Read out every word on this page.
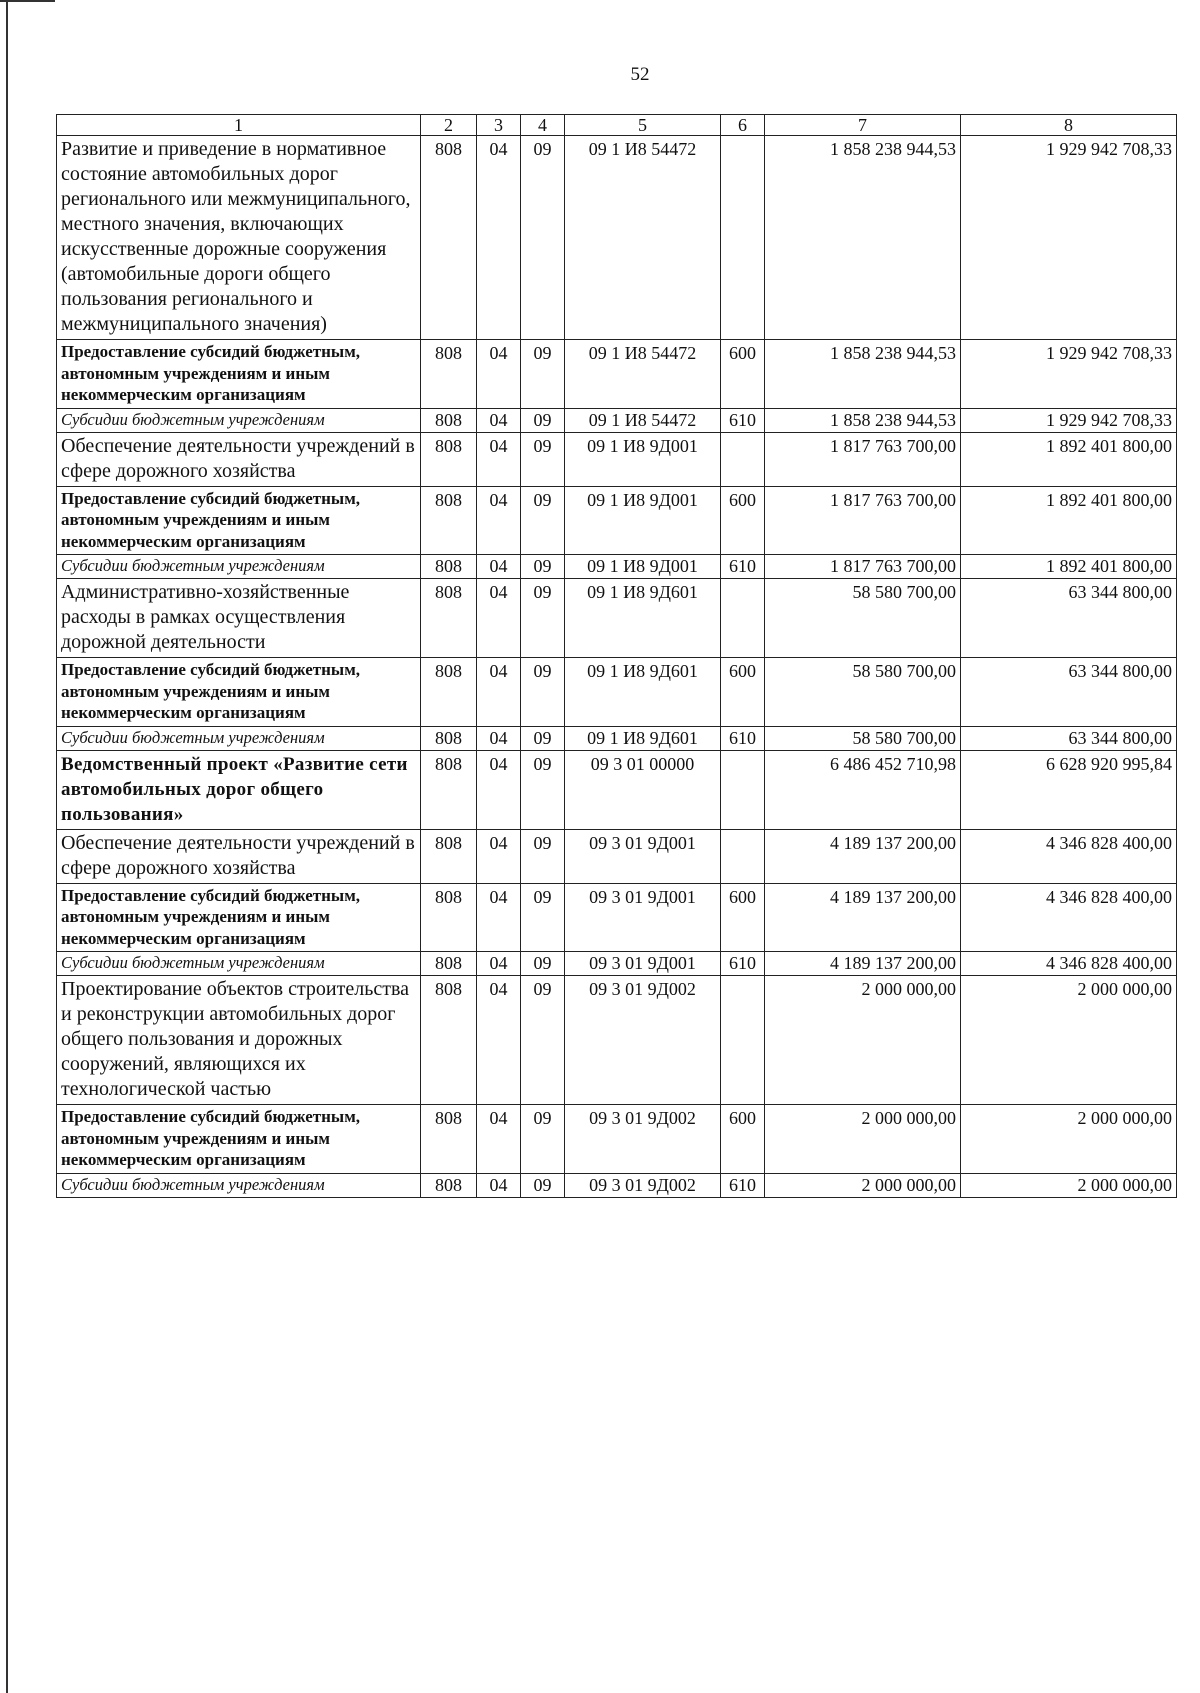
52
1	2	3	4	5	6	7	8
Развитие и приведение в нормативное состояние автомобильных дорог регионального или межмуниципального, местного значения, включающих искусственные дорожные сооружения (автомобильные дороги общего пользования регионального и межмуниципального значения)	808	04	09	09 1 И8 54472		1 858 238 944,53	1 929 942 708,33
Предоставление субсидий бюджетным, автономным учреждениям и иным некоммерческим организациям	808	04	09	09 1 И8 54472	600	1 858 238 944,53	1 929 942 708,33
Субсидии бюджетным учреждениям	808	04	09	09 1 И8 54472	610	1 858 238 944,53	1 929 942 708,33
Обеспечение деятельности учреждений в сфере дорожного хозяйства	808	04	09	09 1 И8 9Д001		1 817 763 700,00	1 892 401 800,00
Предоставление субсидий бюджетным, автономным учреждениям и иным некоммерческим организациям	808	04	09	09 1 И8 9Д001	600	1 817 763 700,00	1 892 401 800,00
Субсидии бюджетным учреждениям	808	04	09	09 1 И8 9Д001	610	1 817 763 700,00	1 892 401 800,00
Административно-хозяйственные расходы в рамках осуществления дорожной деятельности	808	04	09	09 1 И8 9Д601		58 580 700,00	63 344 800,00
Предоставление субсидий бюджетным, автономным учреждениям и иным некоммерческим организациям	808	04	09	09 1 И8 9Д601	600	58 580 700,00	63 344 800,00
Субсидии бюджетным учреждениям	808	04	09	09 1 И8 9Д601	610	58 580 700,00	63 344 800,00
Ведомственный проект «Развитие сети автомобильных дорог общего пользования»	808	04	09	09 3 01 00000		6 486 452 710,98	6 628 920 995,84
Обеспечение деятельности учреждений в сфере дорожного хозяйства	808	04	09	09 3 01 9Д001		4 189 137 200,00	4 346 828 400,00
Предоставление субсидий бюджетным, автономным учреждениям и иным некоммерческим организациям	808	04	09	09 3 01 9Д001	600	4 189 137 200,00	4 346 828 400,00
Субсидии бюджетным учреждениям	808	04	09	09 3 01 9Д001	610	4 189 137 200,00	4 346 828 400,00
Проектирование объектов строительства и реконструкции автомобильных дорог общего пользования и дорожных сооружений, являющихся их технологической частью	808	04	09	09 3 01 9Д002		2 000 000,00	2 000 000,00
Предоставление субсидий бюджетным, автономным учреждениям и иным некоммерческим организациям	808	04	09	09 3 01 9Д002	600	2 000 000,00	2 000 000,00
Субсидии бюджетным учреждениям	808	04	09	09 3 01 9Д002	610	2 000 000,00	2 000 000,00
